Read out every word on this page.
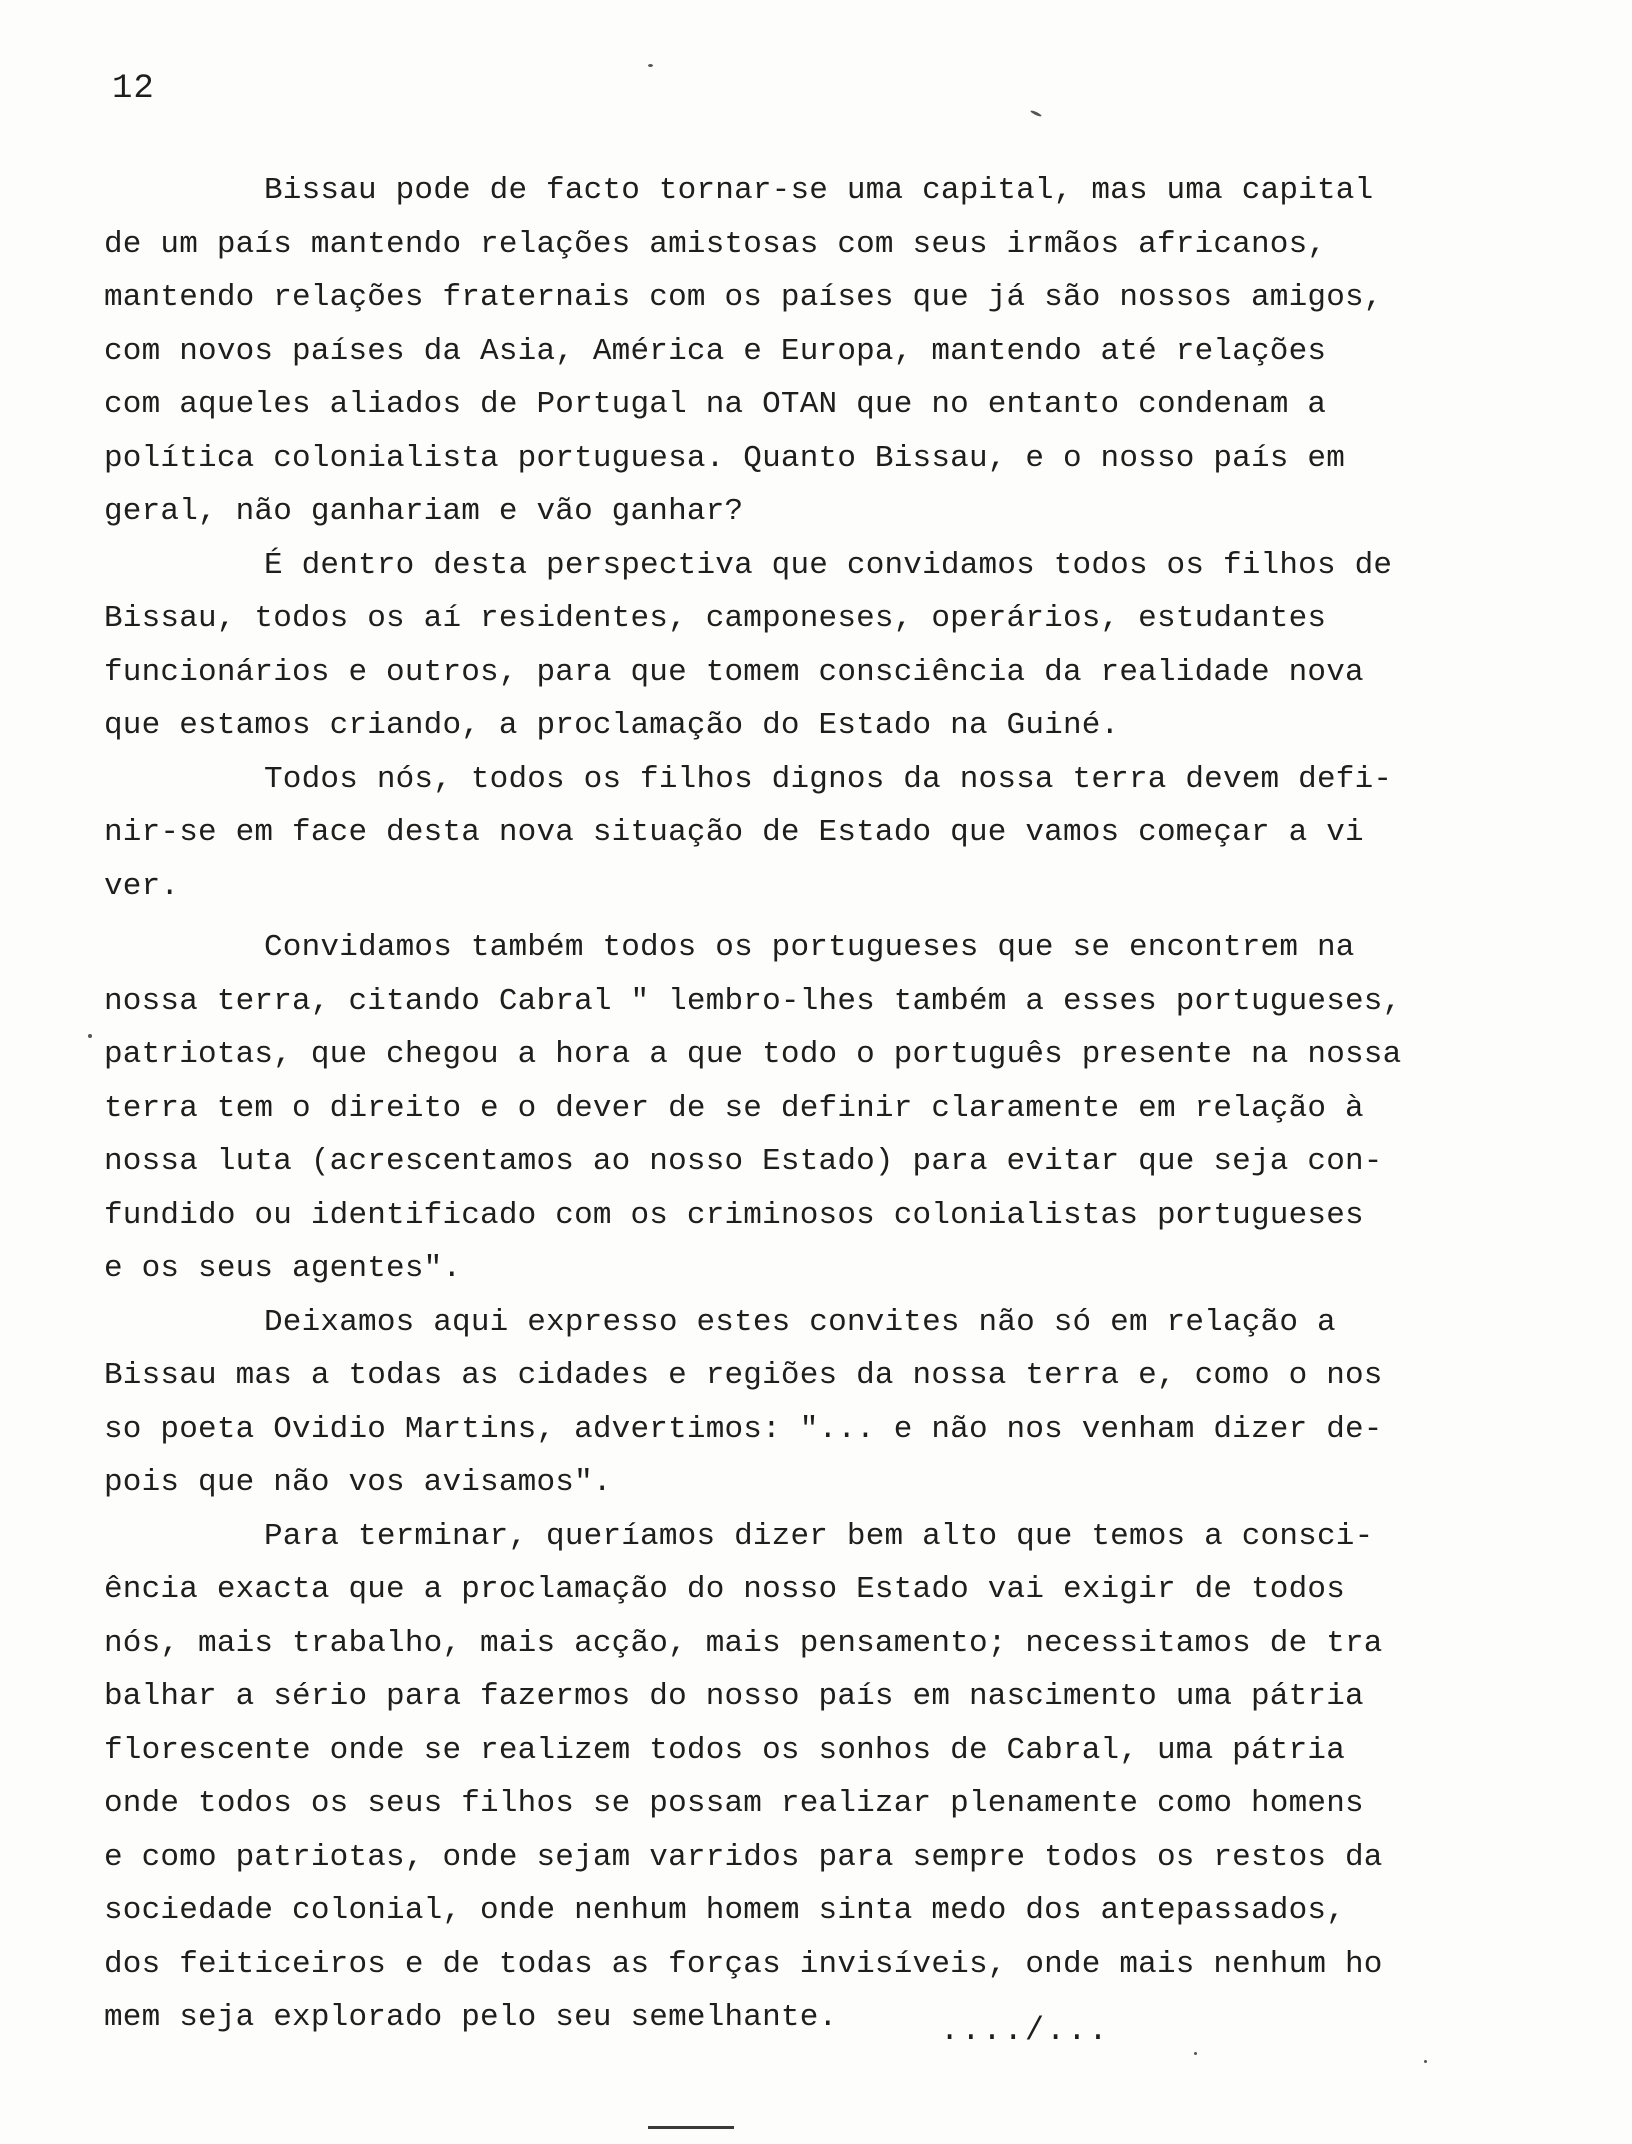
12
Bissau pode de facto tornar-se uma capital, mas uma capital
de um país mantendo relações amistosas com seus irmãos africanos,
mantendo relações fraternais com os países que já são nossos amigos,
com novos países da Asia, América e Europa, mantendo até relações
com aqueles aliados de Portugal na OTAN que no entanto condenam a
política colonialista portuguesa. Quanto Bissau, e o nosso país em
geral, não ganhariam e vão ganhar?
É dentro desta perspectiva que convidamos todos os filhos de
Bissau, todos os aí residentes, camponeses, operários, estudantes
funcionários e outros, para que tomem consciência da realidade nova
que estamos criando, a proclamação do Estado na Guiné.
Todos nós, todos os filhos dignos da nossa terra devem defi-
nir-se em face desta nova situação de Estado que vamos começar a vi
ver.
Convidamos também todos os portugueses que se encontrem na
nossa terra, citando Cabral " lembro-lhes também a esses portugueses,
patriotas, que chegou a hora a que todo o português presente na nossa
terra tem o direito e o dever de se definir claramente em relação à
nossa luta (acrescentamos ao nosso Estado) para evitar que seja con-
fundido ou identificado com os criminosos colonialistas portugueses
e os seus agentes".
Deixamos aqui expresso estes convites não só em relação a
Bissau mas a todas as cidades e regiões da nossa terra e, como o nos
so poeta Ovidio Martins, advertimos: "... e não nos venham dizer de-
pois que não vos avisamos".
Para terminar, queríamos dizer bem alto que temos a consci-
ência exacta que a proclamação do nosso Estado vai exigir de todos
nós, mais trabalho, mais acção, mais pensamento; necessitamos de tra
balhar a sério para fazermos do nosso país em nascimento uma pátria
florescente onde se realizem todos os sonhos de Cabral, uma pátria
onde todos os seus filhos se possam realizar plenamente como homens
e como patriotas, onde sejam varridos para sempre todos os restos da
sociedade colonial, onde nenhum homem sinta medo dos antepassados,
dos feiticeiros e de todas as forças invisíveis, onde mais nenhum ho
mem seja explorado pelo seu semelhante.	..../...
